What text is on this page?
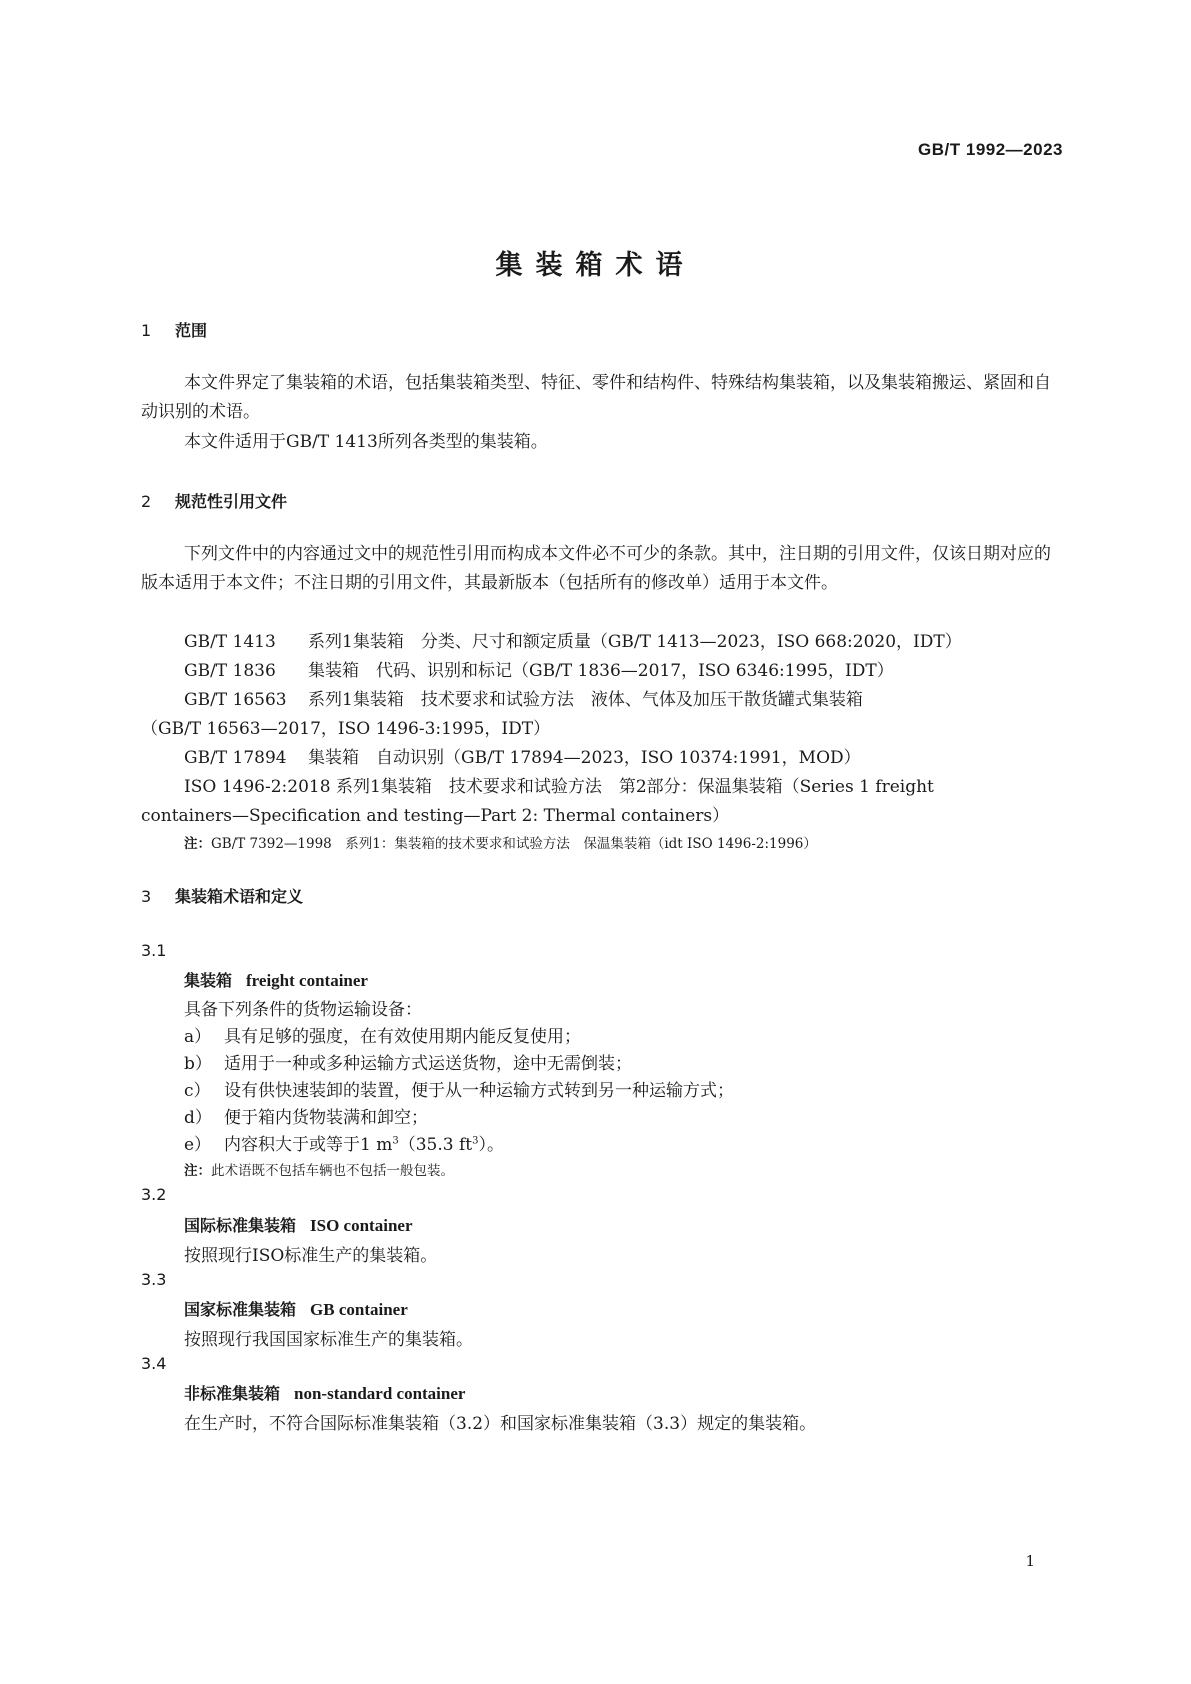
GB/T 1992—2023
集装箱术语
1 范围
本文件界定了集装箱的术语，包括集装箱类型、特征、零件和结构件、特殊结构集装箱，以及集装箱搬运、紧固和自动识别的术语。
本文件适用于GB/T 1413所列各类型的集装箱。
2 规范性引用文件
下列文件中的内容通过文中的规范性引用而构成本文件必不可少的条款。其中，注日期的引用文件，仅该日期对应的版本适用于本文件；不注日期的引用文件，其最新版本（包括所有的修改单）适用于本文件。
GB/T 1413 系列1集装箱　分类、尺寸和额定质量（GB/T 1413—2023，ISO 668:2020，IDT）
GB/T 1836 集装箱　代码、识别和标记（GB/T 1836—2017，ISO 6346:1995，IDT）
GB/T 16563 系列1集装箱　技术要求和试验方法　液体、气体及加压干散货罐式集装箱
（GB/T 16563—2017，ISO 1496-3:1995，IDT）
GB/T 17894 集装箱　自动识别（GB/T 17894—2023，ISO 10374:1991，MOD）
ISO 1496-2:2018 系列1集装箱　技术要求和试验方法　第2部分：保温集装箱（Series 1 freight
containers—Specification and testing—Part 2: Thermal containers）
注：GB/T 7392—1998　系列1：集装箱的技术要求和试验方法　保温集装箱（idt ISO 1496-2:1996）
3 集装箱术语和定义
3.1
集装箱 freight container
具备下列条件的货物运输设备：
a） 具有足够的强度，在有效使用期内能反复使用；
b） 适用于一种或多种运输方式运送货物，途中无需倒装；
c） 设有供快速装卸的装置，便于从一种运输方式转到另一种运输方式；
d） 便于箱内货物装满和卸空；
e） 内容积大于或等于1 $m^3(35.3$ $ft^3$）。
注：此术语既不包括车辆也不包括一般包装。
3.2
国际标准集装箱 ISO container
按照现行ISO标准生产的集装箱。
3.3
国家标准集装箱 GB container
按照现行我国国家标准生产的集装箱。
3.4
非标准集装箱 non-standard container
在生产时，不符合国际标准集装箱（3.2）和国家标准集装箱（3.3）规定的集装箱。
1
